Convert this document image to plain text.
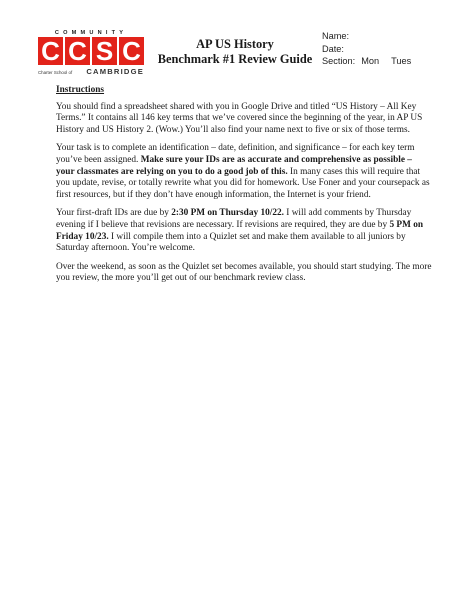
COMMUNITY
C C S C
Charter School of CAMBRIDGE
AP US History
Benchmark #1 Review Guide
Name:
Date:
Section: Mon Tues
Instructions

You should find a spreadsheet shared with you in Google Drive and titled “US History – All Key Terms.” It contains all 146 key terms that we’ve covered since the beginning of the year, in AP US History and US History 2. (Wow.) You’ll also find your name next to five or six of those terms.

Your task is to complete an identification – date, definition, and significance – for each key term you’ve been assigned. Make sure your IDs are as accurate and comprehensive as possible – your classmates are relying on you to do a good job of this. In many cases this will require that you update, revise, or totally rewrite what you did for homework. Use Foner and your coursepack as first resources, but if they don’t have enough information, the Internet is your friend.

Your first-draft IDs are due by 2:30 PM on Thursday 10/22. I will add comments by Thursday evening if I believe that revisions are necessary. If revisions are required, they are due by 5 PM on Friday 10/23. I will compile them into a Quizlet set and make them available to all juniors by Saturday afternoon. You’re welcome.

Over the weekend, as soon as the Quizlet set becomes available, you should start studying. The more you review, the more you’ll get out of our benchmark review class.
